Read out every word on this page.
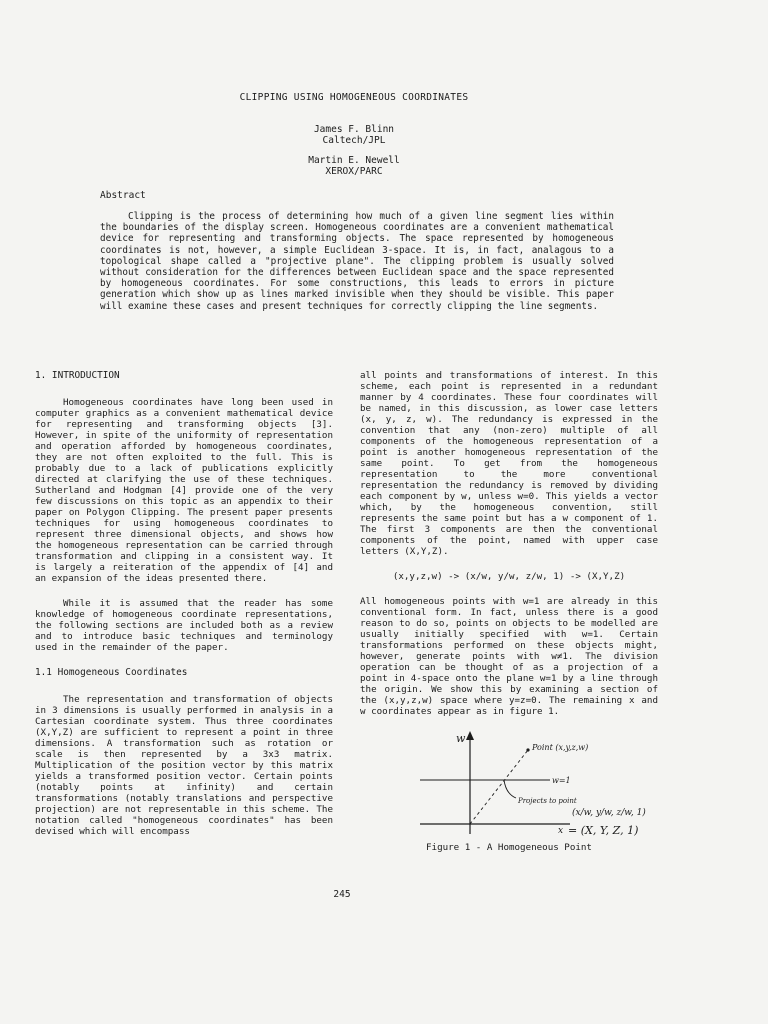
CLIPPING USING HOMOGENEOUS COORDINATES
James F. Blinn
Caltech/JPL
Martin E. Newell
XEROX/PARC
Abstract

Clipping is the process of determining how much of a given line segment lies within the boundaries of the display screen. Homogeneous coordinates are a convenient mathematical device for representing and transforming objects. The space represented by homogeneous coordinates is not, however, a simple Euclidean 3-space. It is, in fact, analagous to a topological shape called a "projective plane". The clipping problem is usually solved without consideration for the differences between Euclidean space and the space represented by homogeneous coordinates. For some constructions, this leads to errors in picture generation which show up as lines marked invisible when they should be visible. This paper will examine these cases and present techniques for correctly clipping the line segments.

1. INTRODUCTION

Homogeneous coordinates have long been used in computer graphics as a convenient mathematical device for representing and transforming objects [3]. However, in spite of the uniformity of representation and operation afforded by homogeneous coordinates, they are not often exploited to the full. This is probably due to a lack of publications explicitly directed at clarifying the use of these techniques. Sutherland and Hodgman [4] provide one of the very few discussions on this topic as an appendix to their paper on Polygon Clipping. The present paper presents techniques for using homogeneous coordinates to represent three dimensional objects, and shows how the homogeneous representation can be carried through transformation and clipping in a consistent way. It is largely a reiteration of the appendix of [4] and an expansion of the ideas presented there.

While it is assumed that the reader has some knowledge of homogeneous coordinate representations, the following sections are included both as a review and to introduce basic techniques and terminology used in the remainder of the paper.

1.1 Homogeneous Coordinates

The representation and transformation of objects in 3 dimensions is usually performed in analysis in a Cartesian coordinate system. Thus three coordinates (X,Y,Z) are sufficient to represent a point in three dimensions. A transformation such as rotation or scale is then represented by a 3x3 matrix. Multiplication of the position vector by this matrix yields a transformed position vector. Certain points (notably points at infinity) and certain transformations (notably translations and perspective projection) are not representable in this scheme. The notation called "homogeneous coordinates" has been devised which will encompass

all points and transformations of interest. In this scheme, each point is represented in a redundant manner by 4 coordinates. These four coordinates will be named, in this discussion, as lower case letters (x, y, z, w). The redundancy is expressed in the convention that any (non-zero) multiple of all components of the homogeneous representation of a point is another homogeneous representation of the same point. To get from the homogeneous representation to the more conventional representation the redundancy is removed by dividing each component by w, unless w=0. This yields a vector which, by the homogeneous convention, still represents the same point but has a w component of 1. The first 3 components are then the conventional components of the point, named with upper case letters (X,Y,Z).

(x,y,z,w) -> (x/w, y/w, z/w, 1) -> (X,Y,Z)

All homogeneous points with w=1 are already in this conventional form. In fact, unless there is a good reason to do so, points on objects to be modelled are usually initially specified with w=1. Certain transformations performed on these objects might, however, generate points with w≠1. The division operation can be thought of as a projection of a point in 4-space onto the plane w=1 by a line through the origin. We show this by examining a section of the (x,y,z,w) space where y=z=0. The remaining x and w coordinates appear as in figure 1.

w
Point (x,y,z,w)
w=1
Projects to point
(x/w, y/w, z/w, 1)
x = (X, Y, Z, 1)
Figure 1 - A Homogeneous Point
245
